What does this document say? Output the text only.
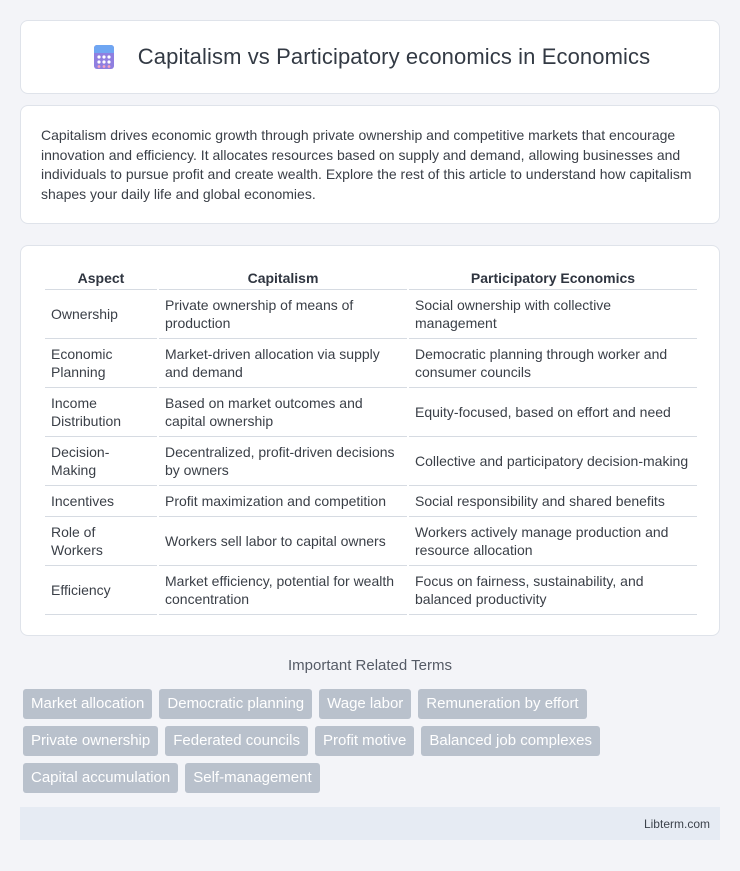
Capitalism vs Participatory economics in Economics

Capitalism drives economic growth through private ownership and competitive markets that encourage innovation and efficiency. It allocates resources based on supply and demand, allowing businesses and individuals to pursue profit and create wealth. Explore the rest of this article to understand how capitalism shapes your daily life and global economies.

Aspect	Capitalism	Participatory Economics
Ownership	Private ownership of means of production	Social ownership with collective management
Economic Planning	Market-driven allocation via supply and demand	Democratic planning through worker and consumer councils
Income Distribution	Based on market outcomes and capital ownership	Equity-focused, based on effort and need
Decision-Making	Decentralized, profit-driven decisions by owners	Collective and participatory decision-making
Incentives	Profit maximization and competition	Social responsibility and shared benefits
Role of Workers	Workers sell labor to capital owners	Workers actively manage production and resource allocation
Efficiency	Market efficiency, potential for wealth concentration	Focus on fairness, sustainability, and balanced productivity
Important Related Terms
Market allocation	Democratic planning	Wage labor	Remuneration by effort
Private ownership	Federated councils	Profit motive	Balanced job complexes
Capital accumulation	Self-management
Libterm.com
